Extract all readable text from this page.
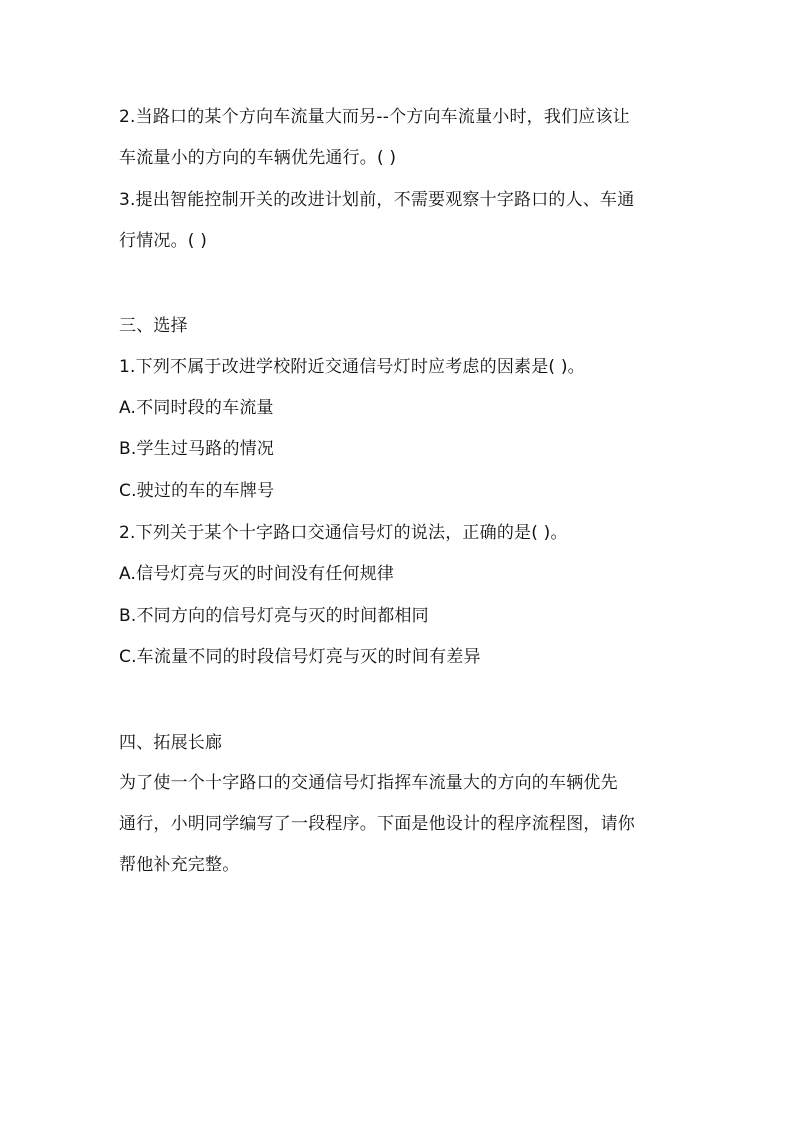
2.当路口的某个方向车流量大而另--个方向车流量小时，我们应该让
车流量小的方向的车辆优先通行。( )
3.提出智能控制开关的改进计划前，不需要观察十字路口的人、车通
行情况。( )
三、选择
1.下列不属于改进学校附近交通信号灯时应考虑的因素是( )。
A.不同时段的车流量
B.学生过马路的情况
C.驶过的车的车牌号
2.下列关于某个十字路口交通信号灯的说法，正确的是( )。
A.信号灯亮与灭的时间没有任何规律
B.不同方向的信号灯亮与灭的时间都相同
C.车流量不同的时段信号灯亮与灭的时间有差异
四、拓展长廊
为了使一个十字路口的交通信号灯指挥车流量大的方向的车辆优先
通行，小明同学编写了一段程序。下面是他设计的程序流程图，请你
帮他补充完整。
